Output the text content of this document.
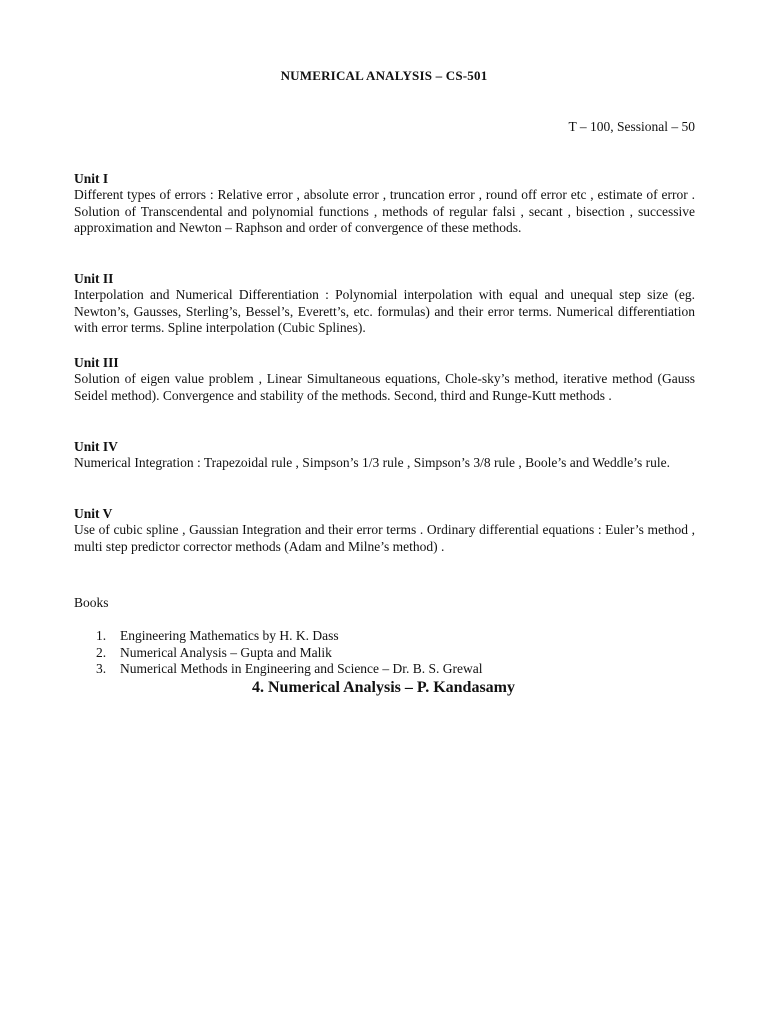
NUMERICAL ANALYSIS – CS-501
T – 100, Sessional – 50
Unit I
Different types of errors : Relative error , absolute error , truncation error , round off error etc , estimate of error . Solution of Transcendental and polynomial functions , methods of regular falsi , secant , bisection , successive approximation and Newton – Raphson and order of convergence of these methods.
Unit II
Interpolation and Numerical Differentiation : Polynomial interpolation with equal and unequal step size (eg. Newton’s, Gausses, Sterling’s, Bessel’s, Everett’s, etc. formulas) and their error terms. Numerical differentiation with error terms. Spline interpolation (Cubic Splines).
Unit III
Solution of eigen value problem , Linear Simultaneous equations, Chole-sky’s method, iterative method (Gauss Seidel method). Convergence and stability of the methods. Second, third and Runge-Kutt methods .
Unit IV
Numerical Integration : Trapezoidal rule , Simpson’s 1/3 rule , Simpson’s 3/8 rule , Boole’s and Weddle’s rule.
Unit V
Use of cubic spline , Gaussian Integration and their error terms . Ordinary differential equations : Euler’s method , multi step predictor corrector methods (Adam and Milne’s method) .
Books
1.	Engineering Mathematics by H. K. Dass
2.	Numerical Analysis – Gupta and Malik
3.	Numerical Methods in Engineering and Science – Dr. B. S. Grewal
4. Numerical Analysis – P. Kandasamy
